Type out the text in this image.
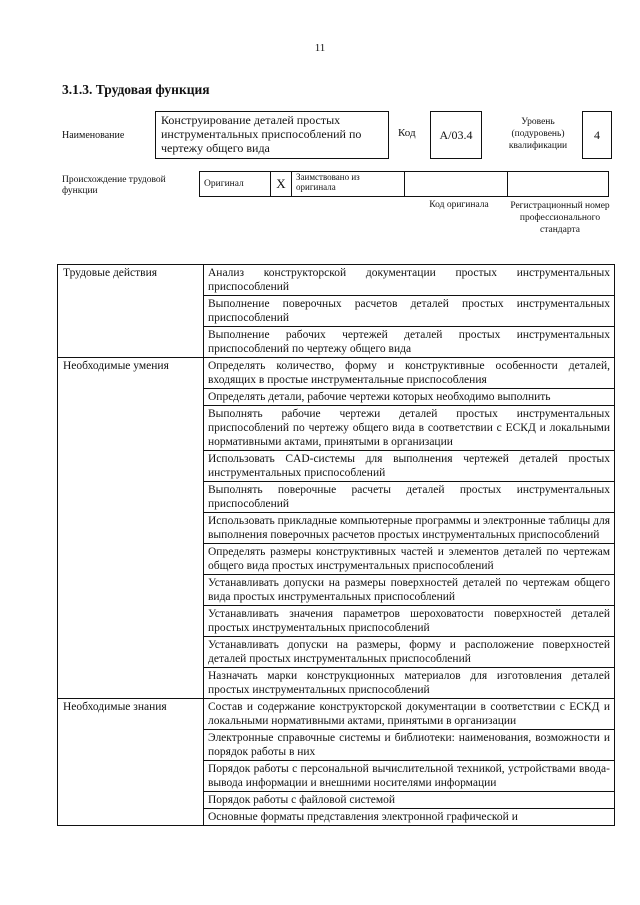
11
3.1.3. Трудовая функция
Наименование
Конструирование деталей простых инструментальных приспособлений по чертежу общего вида
Код А/03.4
Уровень (подуровень) квалификации
4
Происхождение трудовой функции
Оригинал	X	Заимствовано из оригинала		
Код оригинала	Регистрационный номер профессионального стандарта
Трудовые действия	Анализ конструкторской документации простых инструментальных приспособлений
	Выполнение поверочных расчетов деталей простых инструментальных приспособлений
	Выполнение рабочих чертежей деталей простых инструментальных приспособлений по чертежу общего вида
Необходимые умения	Определять количество, форму и конструктивные особенности деталей, входящих в простые инструментальные приспособления
	Определять детали, рабочие чертежи которых необходимо выполнить
	Выполнять рабочие чертежи деталей простых инструментальных приспособлений по чертежу общего вида в соответствии с ЕСКД и локальными нормативными актами, принятыми в организации
	Использовать CAD-системы для выполнения чертежей деталей простых инструментальных приспособлений
	Выполнять поверочные расчеты деталей простых инструментальных приспособлений
	Использовать прикладные компьютерные программы и электронные таблицы для выполнения поверочных расчетов простых инструментальных приспособлений
	Определять размеры конструктивных частей и элементов деталей по чертежам общего вида простых инструментальных приспособлений
	Устанавливать допуски на размеры поверхностей деталей по чертежам общего вида простых инструментальных приспособлений
	Устанавливать значения параметров шероховатости поверхностей деталей простых инструментальных приспособлений
	Устанавливать допуски на размеры, форму и расположение поверхностей деталей простых инструментальных приспособлений
	Назначать марки конструкционных материалов для изготовления деталей простых инструментальных приспособлений
Необходимые знания	Состав и содержание конструкторской документации в соответствии с ЕСКД и локальными нормативными актами, принятыми в организации
	Электронные справочные системы и библиотеки: наименования, возможности и порядок работы в них
	Порядок работы с персональной вычислительной техникой, устройствами ввода-вывода информации и внешними носителями информации
	Порядок работы с файловой системой
	Основные форматы представления электронной графической и
